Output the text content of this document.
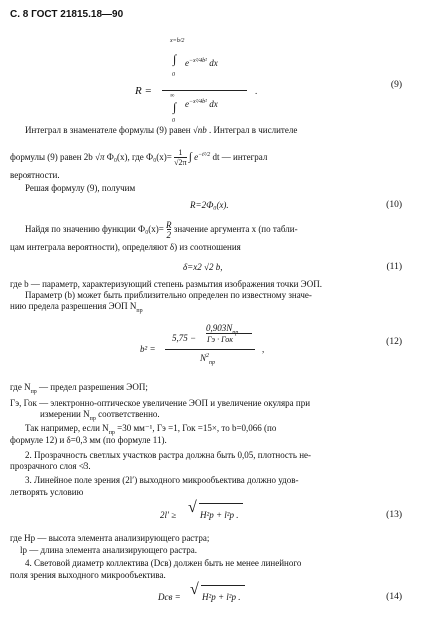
С. 8 ГОСТ 21815.18—90
R =
x=b/2
∫
0
$e^{-x^2/4b^2}$ dx
∞
∫
0
$e^{-x^2/4b^2}$ dx
.
(9)
Интеграл в знаменателе формулы (9) равен √nb . Интеграл в числителе
формулы (9) равен 2b √π Ф₀(x), где Ф₀(x)= 1
√2π ∫ $e^{-t^2/2}$ dt — интеграл
вероятности.
Решая формулу (9), получим
R=2Ф₀(x).	(10)
Найдя по значению функции Ф₀(x)= R
2 значение аргумента x (по табли-
цам интеграла вероятности), определяют δ) из соотношения
δ=x2 √2 b,	(11)
где b — параметр, характеризующий степень размытия изображения точки ЭОП.
Параметр (b) может быть приблизительно определен по известному значе-
нию предела разрешения ЭОП $N_{пр}$
b² =
5,75 −
$0,903N_{пр}$
Гэ · Гок
$N^2_{пр}$
,
(12)
где $N_{пр}$ — предел разрешения ЭОП;
Гэ, Гок — электронно-оптическое увеличение ЭОП и увеличение окуляра при
измерении $N_{пр}$ соответственно.
Так например, если $N_{пр} =30$ мм⁻¹, Гэ =1, Гок =15×, то b=0,066 (по
формуле 12) и δ=0,3 мм (по формуле 11).
2. Прозрачность светлых участков растра должна быть 0,05, плотность не-
прозрачного слоя ≮3.
3. Линейное поле зрения (2l′) выходного микрообъектива должно удов-
летворять условию
2l′ ≥ √ H²p + l²p .	(13)
где Hp — высота элемента анализирующего растра;
lp — длина элемента анализирующего растра.
4. Световой диаметр коллектива (Dсв) должен быть не менее линейного
поля зрения выходного микрообъектива.
Dсв = √ H²p + l²p .	(14)
